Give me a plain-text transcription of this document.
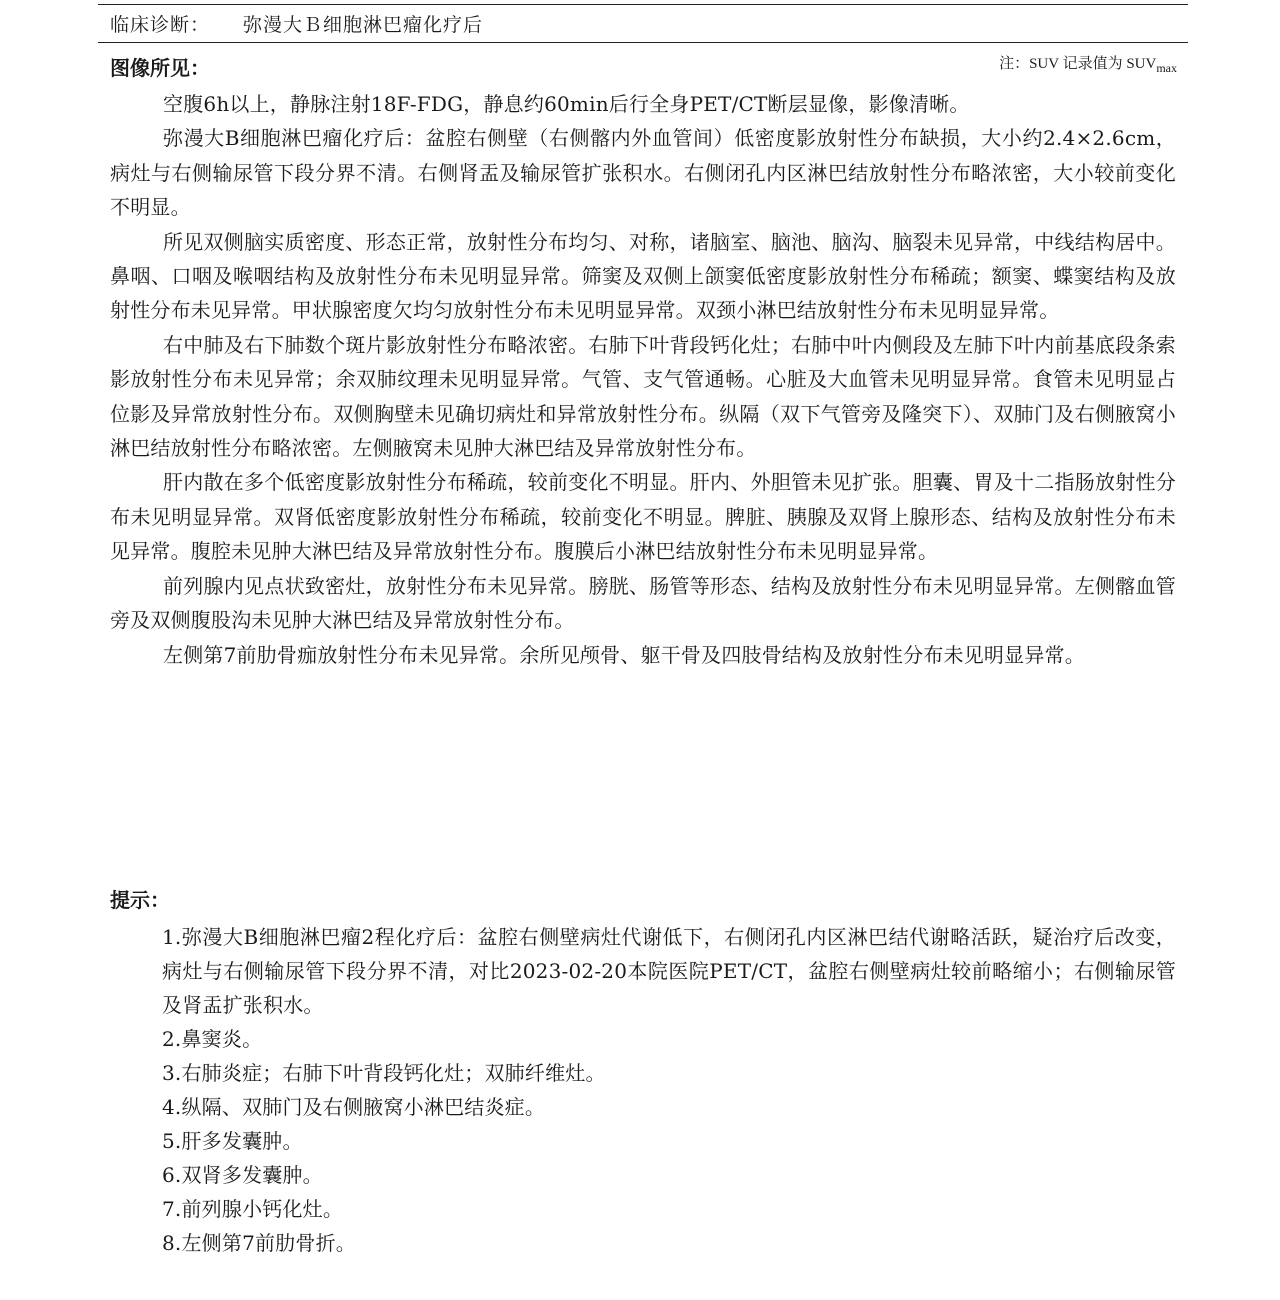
临床诊断：	弥漫大Ｂ细胞淋巴瘤化疗后
图像所见：	注：SUV 记录值为 $SUV_{max}$

空腹6h以上，静脉注射18F-FDG，静息约60min后行全身PET/CT断层显像，影像清晰。

弥漫大B细胞淋巴瘤化疗后：盆腔右侧壁（右侧髂内外血管间）低密度影放射性分布缺损，大小约2.4×2.6cm，病灶与右侧输尿管下段分界不清。右侧肾盂及输尿管扩张积水。右侧闭孔内区淋巴结放射性分布略浓密，大小较前变化不明显。

所见双侧脑实质密度、形态正常，放射性分布均匀、对称，诸脑室、脑池、脑沟、脑裂未见异常，中线结构居中。鼻咽、口咽及喉咽结构及放射性分布未见明显异常。筛窦及双侧上颌窦低密度影放射性分布稀疏；额窦、蝶窦结构及放射性分布未见异常。甲状腺密度欠均匀放射性分布未见明显异常。双颈小淋巴结放射性分布未见明显异常。

右中肺及右下肺数个斑片影放射性分布略浓密。右肺下叶背段钙化灶；右肺中叶内侧段及左肺下叶内前基底段条索影放射性分布未见异常；余双肺纹理未见明显异常。气管、支气管通畅。心脏及大血管未见明显异常。食管未见明显占位影及异常放射性分布。双侧胸壁未见确切病灶和异常放射性分布。纵隔（双下气管旁及隆突下）、双肺门及右侧腋窝小淋巴结放射性分布略浓密。左侧腋窝未见肿大淋巴结及异常放射性分布。

肝内散在多个低密度影放射性分布稀疏，较前变化不明显。肝内、外胆管未见扩张。胆囊、胃及十二指肠放射性分布未见明显异常。双肾低密度影放射性分布稀疏，较前变化不明显。脾脏、胰腺及双肾上腺形态、结构及放射性分布未见异常。腹腔未见肿大淋巴结及异常放射性分布。腹膜后小淋巴结放射性分布未见明显异常。

前列腺内见点状致密灶，放射性分布未见异常。膀胱、肠管等形态、结构及放射性分布未见明显异常。左侧髂血管旁及双侧腹股沟未见肿大淋巴结及异常放射性分布。

左侧第7前肋骨痂放射性分布未见异常。余所见颅骨、躯干骨及四肢骨结构及放射性分布未见明显异常。

提示：

1.弥漫大B细胞淋巴瘤2程化疗后：盆腔右侧壁病灶代谢低下，右侧闭孔内区淋巴结代谢略活跃，疑治疗后改变，病灶与右侧输尿管下段分界不清，对比2023-02-20本院医院PET/CT，盆腔右侧壁病灶较前略缩小；右侧输尿管及肾盂扩张积水。

2.鼻窦炎。

3.右肺炎症；右肺下叶背段钙化灶；双肺纤维灶。

4.纵隔、双肺门及右侧腋窝小淋巴结炎症。

5.肝多发囊肿。

6.双肾多发囊肿。

7.前列腺小钙化灶。

8.左侧第7前肋骨折。
